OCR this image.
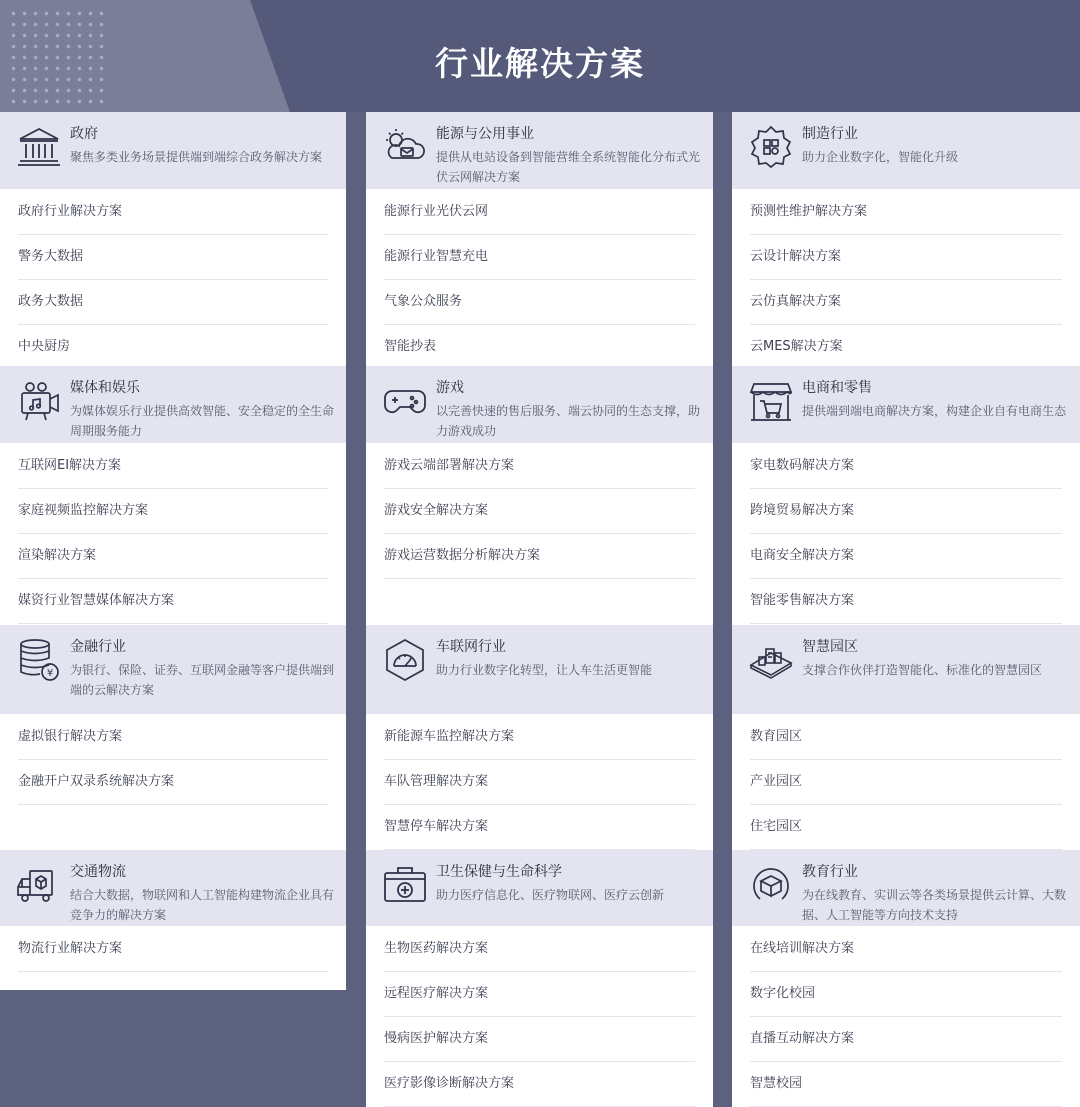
行业解决方案
政府
聚焦多类业务场景提供端到端综合政务解决方案
政府行业解决方案
警务大数据
政务大数据
中央厨房
能源与公用事业
提供从电站设备到智能营维全系统智能化分布式光伏云网解决方案
能源行业光伏云网
能源行业智慧充电
气象公众服务
智能抄表
制造行业
助力企业数字化，智能化升级
预测性维护解决方案
云设计解决方案
云仿真解决方案
云MES解决方案
媒体和娱乐
为媒体娱乐行业提供高效智能、安全稳定的全生命周期服务能力
互联网EI解决方案
家庭视频监控解决方案
渲染解决方案
媒资行业智慧媒体解决方案
游戏
以完善快速的售后服务、端云协同的生态支撑，助力游戏成功
游戏云端部署解决方案
游戏安全解决方案
游戏运营数据分析解决方案
电商和零售
提供端到端电商解决方案，构建企业自有电商生态
家电数码解决方案
跨境贸易解决方案
电商安全解决方案
智能零售解决方案
¥
金融行业
为银行、保险、证券、互联网金融等客户提供端到端的云解决方案
虚拟银行解决方案
金融开户双录系统解决方案
车联网行业
助力行业数字化转型，让人车生活更智能
新能源车监控解决方案
车队管理解决方案
智慧停车解决方案
智慧园区
支撑合作伙伴打造智能化、标准化的智慧园区
教育园区
产业园区
住宅园区
交通物流
结合大数据，物联网和人工智能构建物流企业具有竞争力的解决方案
物流行业解决方案
卫生保健与生命科学
助力医疗信息化、医疗物联网、医疗云创新
生物医药解决方案
远程医疗解决方案
慢病医护解决方案
医疗影像诊断解决方案
教育行业
为在线教育、实训云等各类场景提供云计算、大数据、人工智能等方向技术支持
在线培训解决方案
数字化校园
直播互动解决方案
智慧校园
